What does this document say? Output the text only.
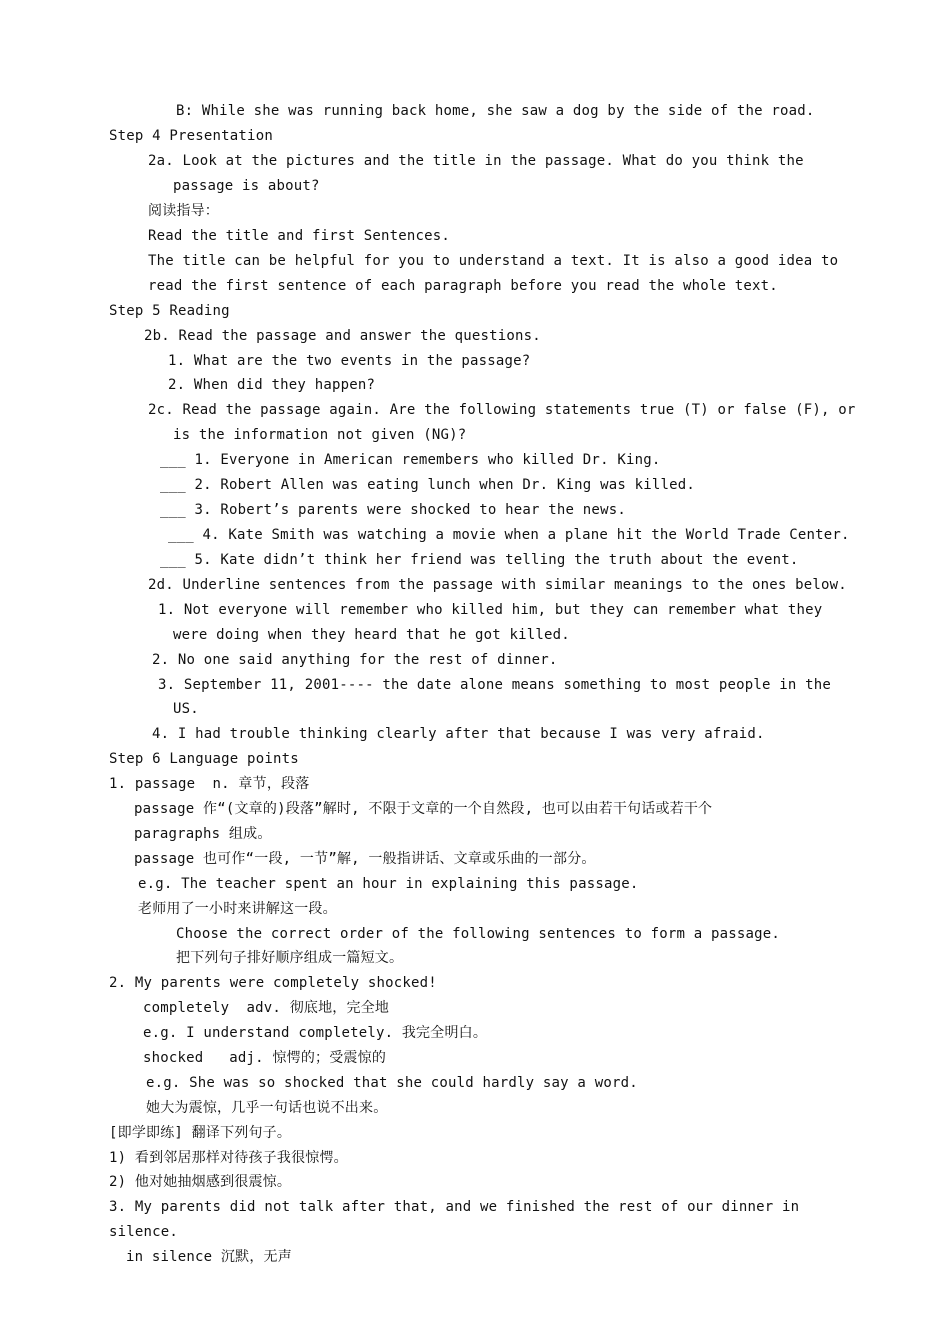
B: While she was running back home, she saw a dog by the side of the road.
Step 4 Presentation
2a. Look at the pictures and the title in the passage. What do you think the
passage is about?
阅读指导：
Read the title and first Sentences.
The title can be helpful for you to understand a text. It is also a good idea to
read the first sentence of each paragraph before you read the whole text.
Step 5 Reading
2b. Read the passage and answer the questions.
1. What are the two events in the passage?
2. When did they happen?
2c. Read the passage again. Are the following statements true (T) or false (F), or
is the information not given (NG)?
___ 1. Everyone in American remembers who killed Dr. King.
___ 2. Robert Allen was eating lunch when Dr. King was killed.
___ 3. Robert’s parents were shocked to hear the news.
___ 4. Kate Smith was watching a movie when a plane hit the World Trade Center.
___ 5. Kate didn’t think her friend was telling the truth about the event.
2d. Underline sentences from the passage with similar meanings to the ones below.
1. Not everyone will remember who killed him, but they can remember what they
were doing when they heard that he got killed.
2. No one said anything for the rest of dinner.
3. September 11, 2001---- the date alone means something to most people in the
US.
4. I had trouble thinking clearly after that because I was very afraid.
Step 6 Language points
1. passage  n. 章节，段落
passage 作“(文章的)段落”解时, 不限于文章的一个自然段, 也可以由若干句话或若干个
paragraphs 组成。
passage 也可作“一段, 一节”解, 一般指讲话、文章或乐曲的一部分。
e.g. The teacher spent an hour in explaining this passage.
老师用了一小时来讲解这一段。
Choose the correct order of the following sentences to form a passage.
把下列句子排好顺序组成一篇短文。
2. My parents were completely shocked!
completely  adv. 彻底地，完全地
e.g. I understand completely. 我完全明白。
shocked   adj. 惊愕的；受震惊的
e.g. She was so shocked that she could hardly say a word.
她大为震惊，几乎一句话也说不出来。
[即学即练] 翻译下列句子。
1) 看到邻居那样对待孩子我很惊愕。
2) 他对她抽烟感到很震惊。
3. My parents did not talk after that, and we finished the rest of our dinner in
silence.
in silence 沉默，无声
